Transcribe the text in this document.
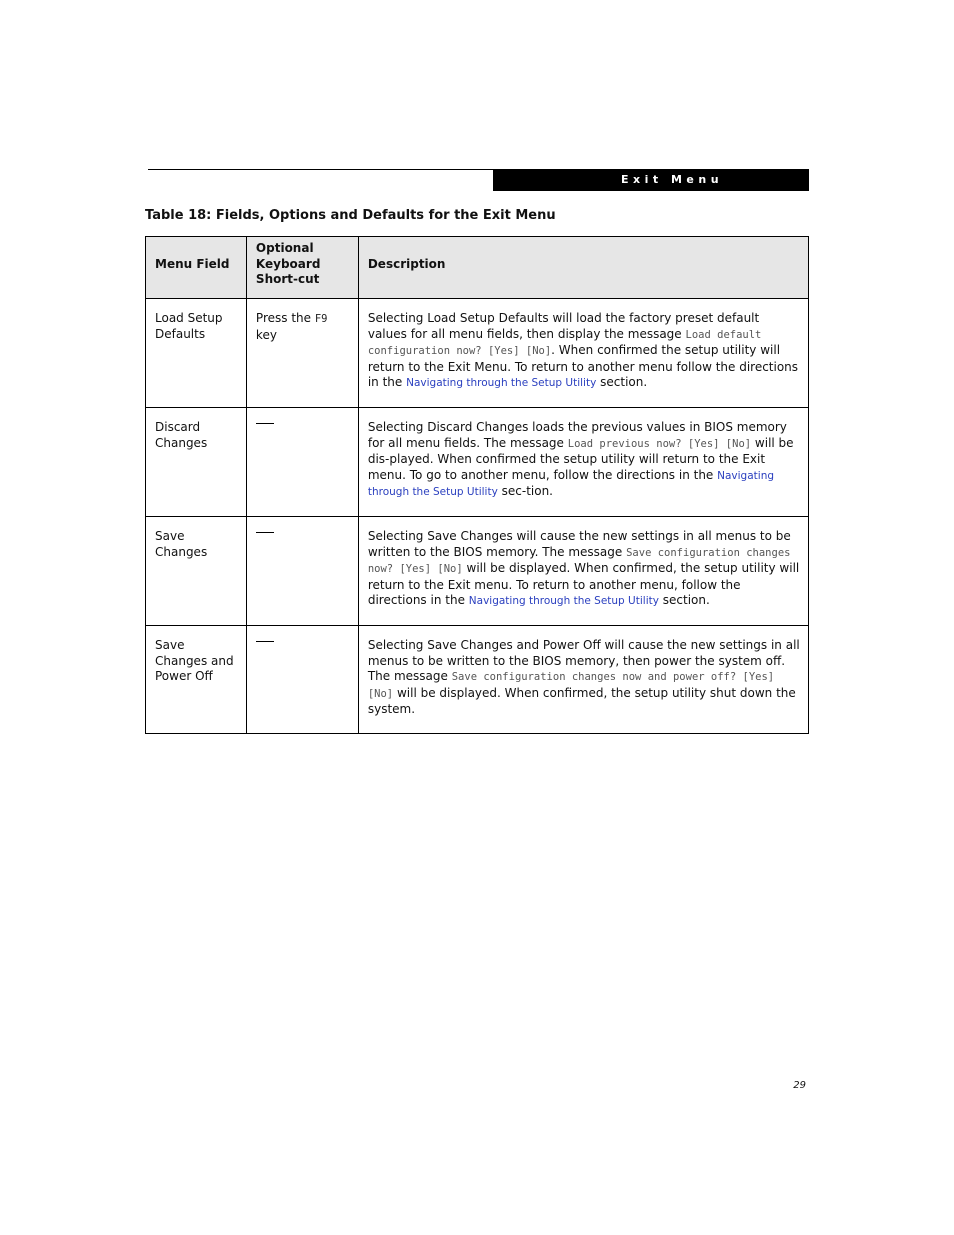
Exit Menu
Table 18: Fields, Options and Defaults for the Exit Menu
Menu Field	Optional Keyboard Short-cut	Description
Load Setup Defaults	Press the F9 key	Selecting Load Setup Defaults will load the factory preset default values for all menu fields, then display the message Load default configuration now? [Yes] [No]. When confirmed the setup utility will return to the Exit Menu. To return to another menu follow the directions in the Navigating through the Setup Utility section.
Discard Changes		Selecting Discard Changes loads the previous values in BIOS memory for all menu fields. The message Load previous now? [Yes] [No] will be dis-played. When confirmed the setup utility will return to the Exit menu. To go to another menu, follow the directions in the Navigating through the Setup Utility sec-tion.
Save Changes		Selecting Save Changes will cause the new settings in all menus to be written to the BIOS memory. The message Save configuration changes now? [Yes] [No] will be displayed. When confirmed, the setup utility will return to the Exit menu. To return to another menu, follow the directions in the Navigating through the Setup Utility section.
Save Changes and Power Off		Selecting Save Changes and Power Off will cause the new settings in all menus to be written to the BIOS memory, then power the system off. The message Save configuration changes now and power off? [Yes] [No] will be displayed. When confirmed, the setup utility shut down the system.
29
